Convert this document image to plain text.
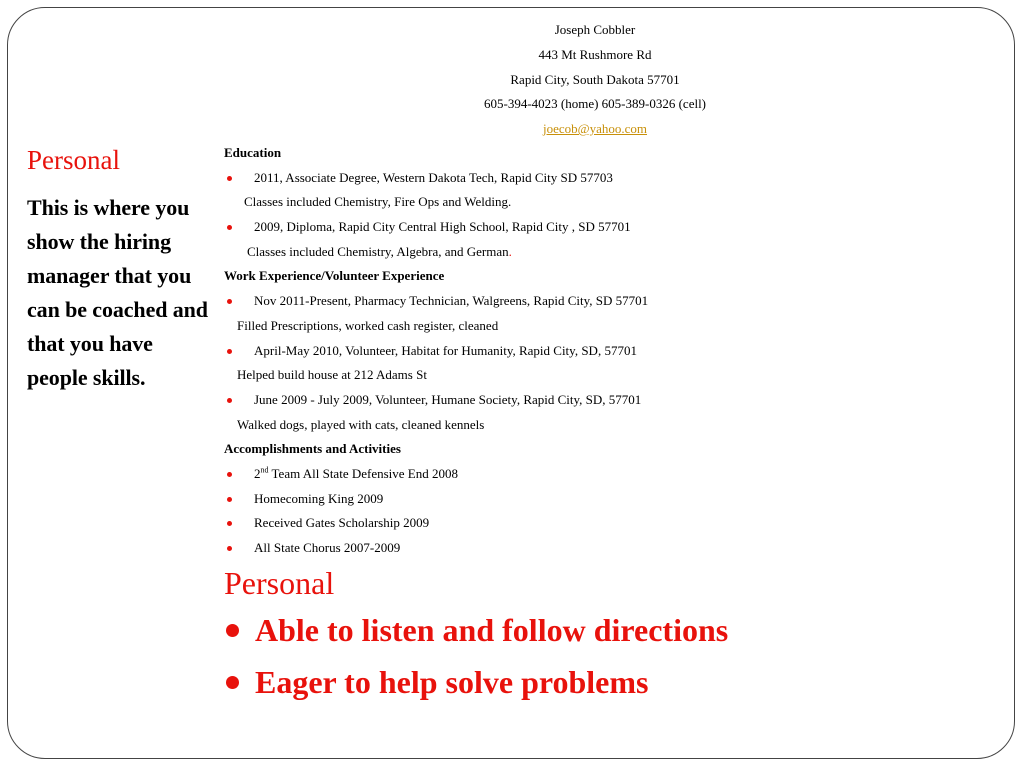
Personal

This is where you show the hiring manager that you can be coached and that you have people skills.

Joseph Cobbler
443 Mt Rushmore Rd
Rapid City, South Dakota 57701
605-394-4023 (home) 605-389-0326 (cell)
joecob@yahoo.com
Education
2011, Associate Degree, Western Dakota Tech, Rapid City SD 57703
Classes included Chemistry, Fire Ops and Welding.
2009, Diploma, Rapid City Central High School, Rapid City , SD 57701
Classes included Chemistry, Algebra, and German.
Work Experience/Volunteer Experience
Nov 2011-Present, Pharmacy Technician, Walgreens, Rapid City, SD 57701
Filled Prescriptions, worked cash register, cleaned
April-May 2010, Volunteer, Habitat for Humanity, Rapid City, SD, 57701
Helped build house at 212 Adams St
June 2009 - July 2009, Volunteer, Humane Society, Rapid City, SD, 57701
Walked dogs, played with cats, cleaned kennels
Accomplishments and Activities
2nd Team All State Defensive End 2008
Homecoming King 2009
Received Gates Scholarship 2009
All State Chorus 2007-2009
Personal
Able to listen and follow directions
Eager to help solve problems
